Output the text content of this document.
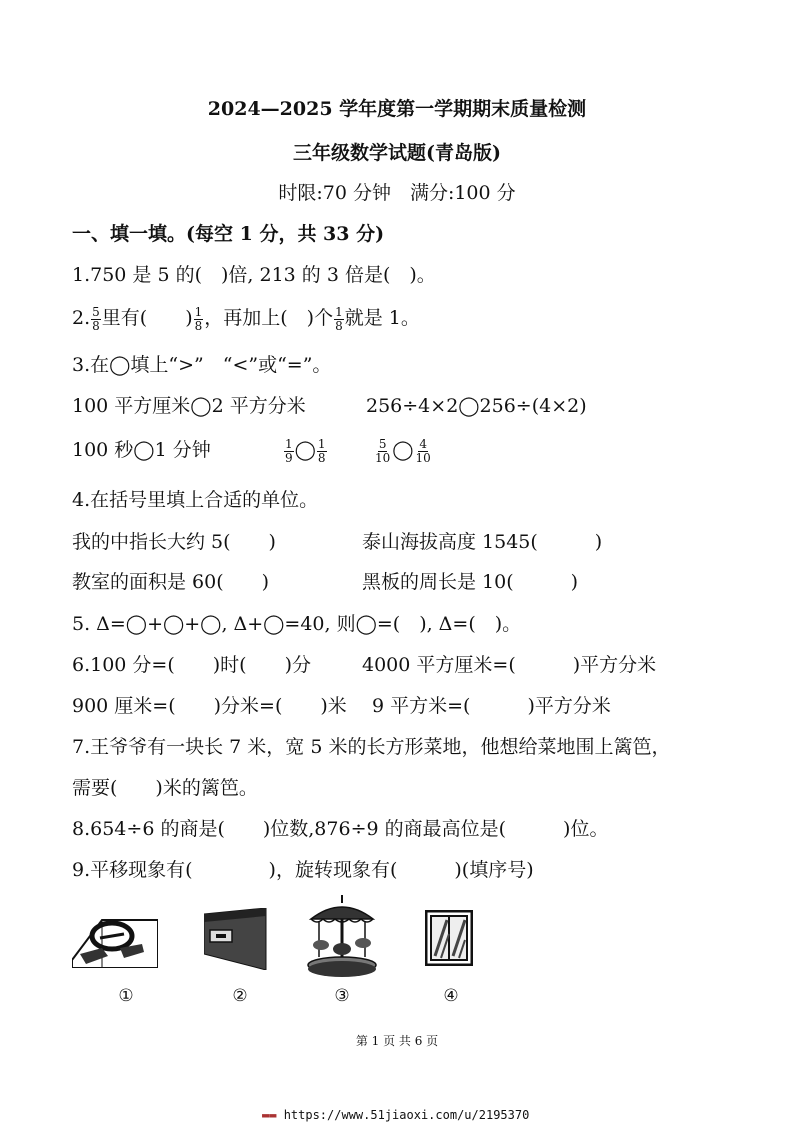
2024—2025 学年度第一学期期末质量检测
三年级数学试题(青岛版)
时限:70 分钟　满分:100 分
一、填一填。(每空 1 分，共 33 分)
1.750 是 5 的(　)倍, 213 的 3 倍是(　)。
2. $\frac{5}{8}$ 里有(　　) $\frac{1}{8}$ ，再加上(　)个 $\frac{1}{8}$ 就是 1。
3.在◯填上“>”　“<”或“=”。
100 平方厘米◯2 平方分米	256÷4×2◯256÷(4×2)
100 秒◯1 分钟	$\frac{1}{9}$ ◯ $\frac{1}{8}$	$\frac{5}{10}$ ◯ $\frac{4}{10}$
4.在括号里填上合适的单位。
我的中指长大约 5(　　)	泰山海拔高度 1545(　　　)
教室的面积是 60(　　)	黑板的周长是 10(　　　)
5. Δ=◯+◯+◯, Δ+◯=40, 则◯=(　), Δ=(　)。
6.100 分=(　　)时(　　)分	4000 平方厘米=(　　　)平方分米
900 厘米=(　　)分米=(　　)米 9 平方米=(　　　)平方分米
7.王爷爷有一块长 7 米，宽 5 米的长方形菜地，他想给菜地围上篱笆，
需要(　　)米的篱笆。
8.654÷6 的商是(　　)位数,876÷9 的商最高位是(　　　)位。
9.平移现象有(　　　　)，旋转现象有(　　　)(填序号)
①	②	③	④
第 1 页 共 6 页
▬▬ https://www.51jiaoxi.com/u/2195370
